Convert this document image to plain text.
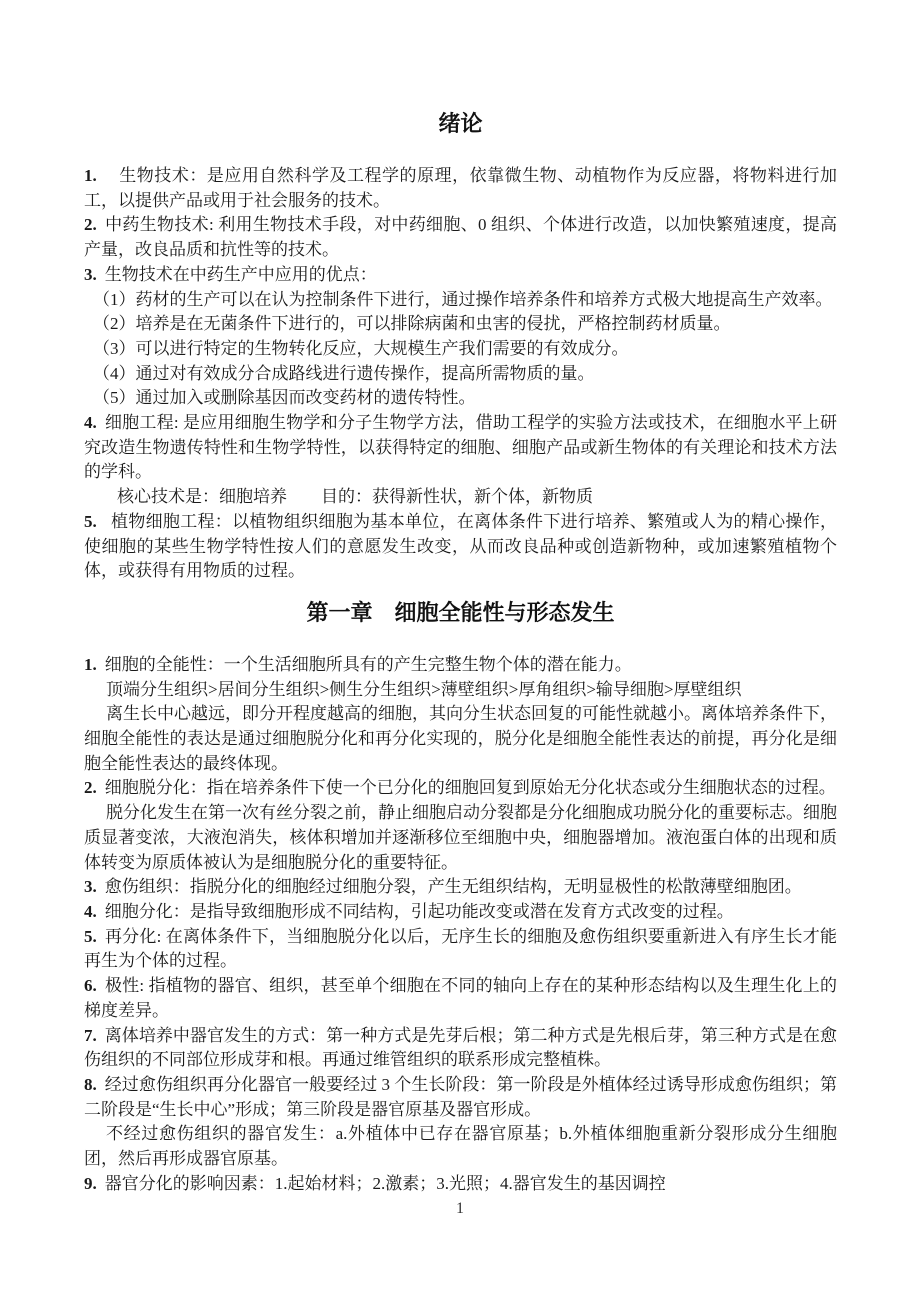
绪论

1. 生物技术：是应用自然科学及工程学的原理，依靠微生物、动植物作为反应器，将物料进行加工，以提供产品或用于社会服务的技术。

2. 中药生物技术: 利用生物技术手段，对中药细胞、0 组织、个体进行改造，以加快繁殖速度，提高产量，改良品质和抗性等的技术。

3. 生物技术在中药生产中应用的优点：

（1）药材的生产可以在认为控制条件下进行，通过操作培养条件和培养方式极大地提高生产效率。

（2）培养是在无菌条件下进行的，可以排除病菌和虫害的侵扰，严格控制药材质量。

（3）可以进行特定的生物转化反应，大规模生产我们需要的有效成分。

（4）通过对有效成分合成路线进行遗传操作，提高所需物质的量。

（5）通过加入或删除基因而改变药材的遗传特性。

4. 细胞工程: 是应用细胞生物学和分子生物学方法，借助工程学的实验方法或技术，在细胞水平上研究改造生物遗传特性和生物学特性，以获得特定的细胞、细胞产品或新生物体的有关理论和技术方法的学科。

核心技术是：细胞培养　　目的：获得新性状，新个体，新物质

5. 植物细胞工程：以植物组织细胞为基本单位，在离体条件下进行培养、繁殖或人为的精心操作，使细胞的某些生物学特性按人们的意愿发生改变，从而改良品种或创造新物种，或加速繁殖植物个体，或获得有用物质的过程。

第一章　细胞全能性与形态发生

1. 细胞的全能性：一个生活细胞所具有的产生完整生物个体的潜在能力。

顶端分生组织>居间分生组织>侧生分生组织>薄壁组织>厚角组织>输导细胞>厚壁组织

离生长中心越远，即分开程度越高的细胞，其向分生状态回复的可能性就越小。离体培养条件下，细胞全能性的表达是通过细胞脱分化和再分化实现的，脱分化是细胞全能性表达的前提，再分化是细胞全能性表达的最终体现。

2. 细胞脱分化：指在培养条件下使一个已分化的细胞回复到原始无分化状态或分生细胞状态的过程。

脱分化发生在第一次有丝分裂之前，静止细胞启动分裂都是分化细胞成功脱分化的重要标志。细胞质显著变浓，大液泡消失，核体积增加并逐渐移位至细胞中央，细胞器增加。液泡蛋白体的出现和质体转变为原质体被认为是细胞脱分化的重要特征。

3. 愈伤组织：指脱分化的细胞经过细胞分裂，产生无组织结构，无明显极性的松散薄壁细胞团。

4. 细胞分化：是指导致细胞形成不同结构，引起功能改变或潜在发育方式改变的过程。

5. 再分化: 在离体条件下，当细胞脱分化以后，无序生长的细胞及愈伤组织要重新进入有序生长才能再生为个体的过程。

6. 极性: 指植物的器官、组织，甚至单个细胞在不同的轴向上存在的某种形态结构以及生理生化上的梯度差异。

7. 离体培养中器官发生的方式：第一种方式是先芽后根；第二种方式是先根后芽，第三种方式是在愈伤组织的不同部位形成芽和根。再通过维管组织的联系形成完整植株。

8. 经过愈伤组织再分化器官一般要经过 3 个生长阶段：第一阶段是外植体经过诱导形成愈伤组织；第二阶段是“生长中心”形成；第三阶段是器官原基及器官形成。

不经过愈伤组织的器官发生：a.外植体中已存在器官原基；b.外植体细胞重新分裂形成分生细胞团，然后再形成器官原基。

9. 器官分化的影响因素：1.起始材料；2.激素；3.光照；4.器官发生的基因调控

1
